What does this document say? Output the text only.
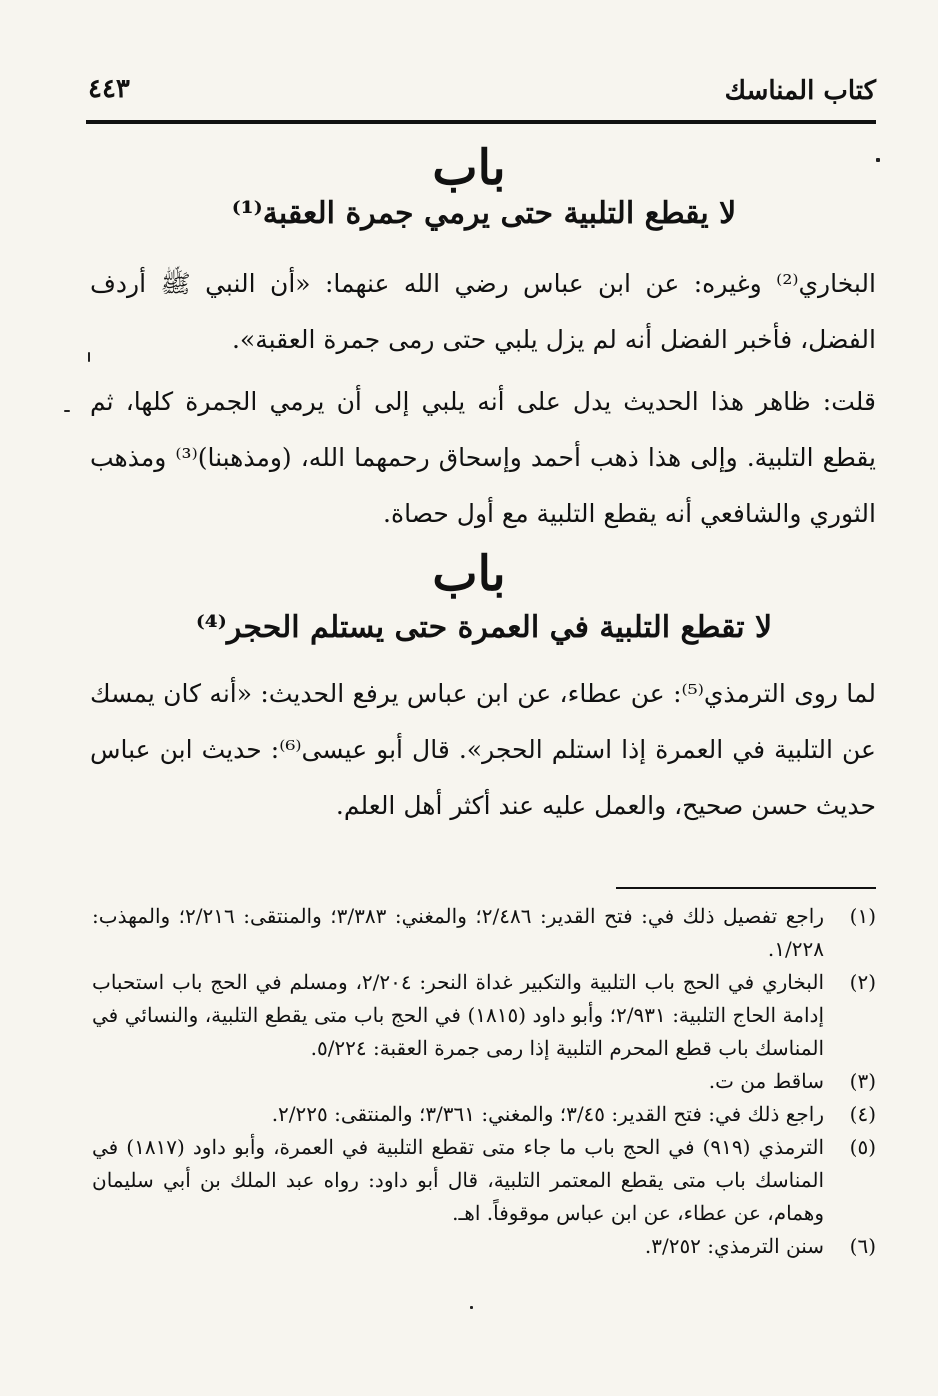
كتاب المناسك
٤٤٣
باب
لا يقطع التلبية حتى يرمي جمرة العقبة⁽¹⁾
البخاري⁽²⁾ وغيره: عن ابن عباس رضي الله عنهما: «أن النبي ﷺ أردف الفضل، فأخبر الفضل أنه لم يزل يلبي حتى رمى جمرة العقبة».
قلت: ظاهر هذا الحديث يدل على أنه يلبي إلى أن يرمي الجمرة كلها، ثم يقطع التلبية. وإلى هذا ذهب أحمد وإسحاق رحمهما الله، (ومذهبنا)⁽³⁾ ومذهب الثوري والشافعي أنه يقطع التلبية مع أول حصاة.
باب
لا تقطع التلبية في العمرة حتى يستلم الحجر⁽⁴⁾
لما روى الترمذي⁽⁵⁾: عن عطاء، عن ابن عباس يرفع الحديث: «أنه كان يمسك عن التلبية في العمرة إذا استلم الحجر». قال أبو عيسى⁽⁶⁾: حديث ابن عباس حديث حسن صحيح، والعمل عليه عند أكثر أهل العلم.
(١)
راجع تفصيل ذلك في: فتح القدير: ٢/٤٨٦؛ والمغني: ٣/٣٨٣؛ والمنتقى: ٢/٢١٦؛ والمهذب: ١/٢٢٨.
(٢)
البخاري في الحج باب التلبية والتكبير غداة النحر: ٢/٢٠٤، ومسلم في الحج باب استحباب إدامة الحاج التلبية: ٢/٩٣١؛ وأبو داود (١٨١٥) في الحج باب متى يقطع التلبية، والنسائي في المناسك باب قطع المحرم التلبية إذا رمى جمرة العقبة: ٥/٢٢٤.
(٣)
ساقط من ت.
(٤)
راجع ذلك في: فتح القدير: ٣/٤٥؛ والمغني: ٣/٣٦١؛ والمنتقى: ٢/٢٢٥.
(٥)
الترمذي (٩١٩) في الحج باب ما جاء متى تقطع التلبية في العمرة، وأبو داود (١٨١٧) في المناسك باب متى يقطع المعتمر التلبية، قال أبو داود: رواه عبد الملك بن أبي سليمان وهمام، عن عطاء، عن ابن عباس موقوفاً. اهـ.
(٦)
سنن الترمذي: ٣/٢٥٢.
